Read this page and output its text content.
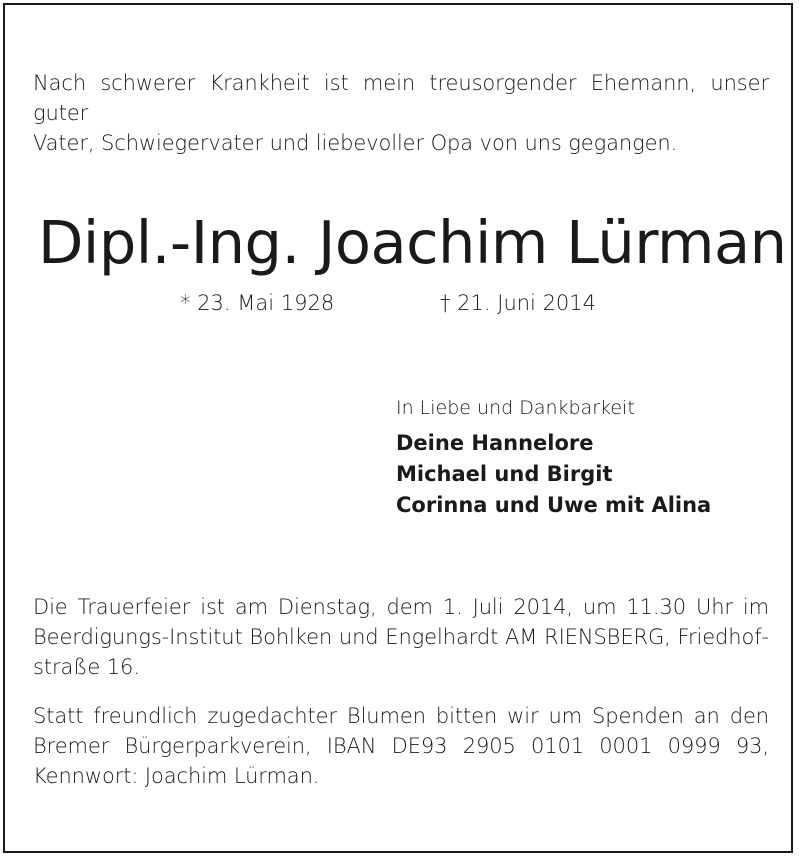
Nach schwerer Krankheit ist mein treusorgender Ehemann, unser guter
Vater, Schwiegervater und liebevoller Opa von uns gegangen.
Dipl.-Ing. Joachim Lürman
* 23. Mai 1928	† 21. Juni 2014
In Liebe und Dankbarkeit
Deine Hannelore
Michael und Birgit
Corinna und Uwe mit Alina
Die Trauerfeier ist am Dienstag, dem 1. Juli 2014, um 11.30 Uhr im
Beerdigungs-Institut Bohlken und Engelhardt AM RIENSBERG, Friedhof-
straße 16.
Statt freundlich zugedachter Blumen bitten wir um Spenden an den
Bremer Bürgerparkverein, IBAN DE93 2905 0101 0001 0999 93,
Kennwort: Joachim Lürman.
